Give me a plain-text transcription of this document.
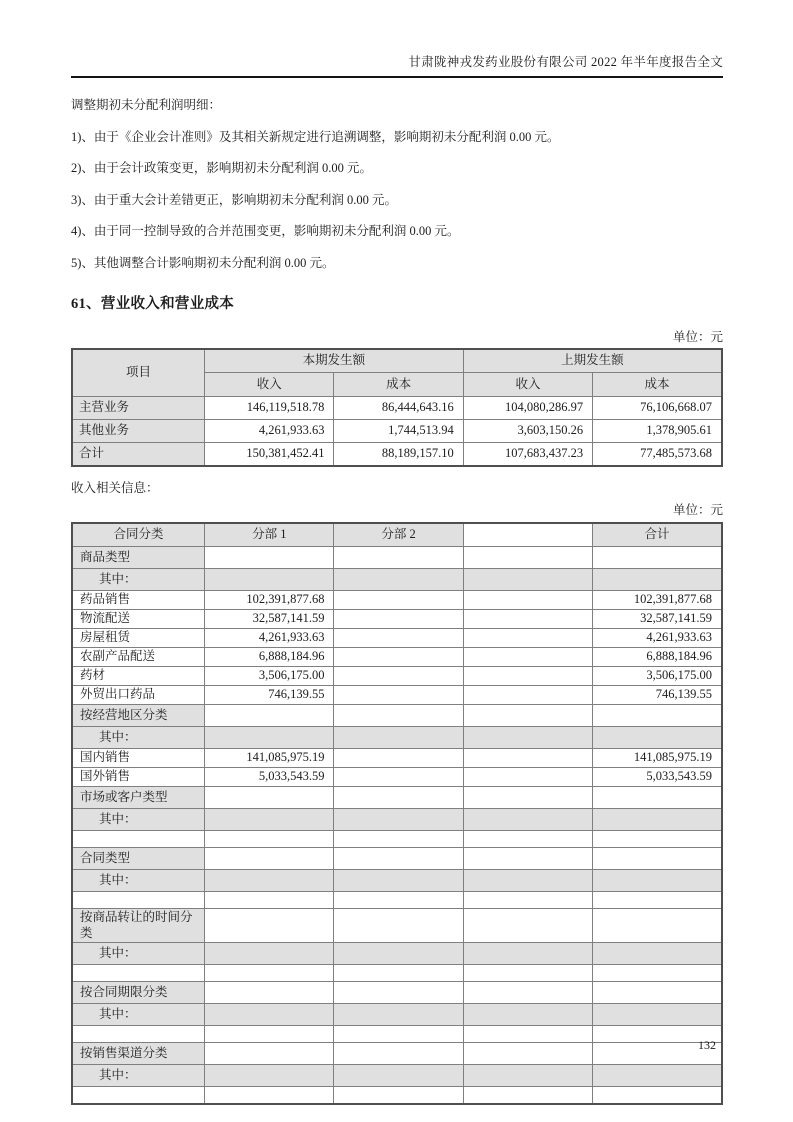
甘肃陇神戎发药业股份有限公司 2022 年半年度报告全文
调整期初未分配利润明细：
1)、由于《企业会计准则》及其相关新规定进行追溯调整，影响期初未分配利润 0.00 元。
2)、由于会计政策变更，影响期初未分配利润 0.00 元。
3)、由于重大会计差错更正，影响期初未分配利润 0.00 元。
4)、由于同一控制导致的合并范围变更，影响期初未分配利润 0.00 元。
5)、其他调整合计影响期初未分配利润 0.00 元。
61、营业收入和营业成本
单位：元
项目	本期发生额		上期发生额	
	收入	成本	收入	成本
主营业务	146,119,518.78	86,444,643.16	104,080,286.97	76,106,668.07
其他业务	4,261,933.63	1,744,513.94	3,603,150.26	1,378,905.61
合计	150,381,452.41	88,189,157.10	107,683,437.23	77,485,573.68
收入相关信息：
单位：元
合同分类	分部 1	分部 2		合计
商品类型				
其中：				
药品销售	102,391,877.68			102,391,877.68
物流配送	32,587,141.59			32,587,141.59
房屋租赁	4,261,933.63			4,261,933.63
农副产品配送	6,888,184.96			6,888,184.96
药材	3,506,175.00			3,506,175.00
外贸出口药品	746,139.55			746,139.55
按经营地区分类				
其中：				
国内销售	141,085,975.19			141,085,975.19
国外销售	5,033,543.59			5,033,543.59
市场或客户类型				
其中：				

合同类型				
其中：				

按商品转让的时间分类				
其中：				

按合同期限分类				
其中：				

按销售渠道分类				
其中：				

132
